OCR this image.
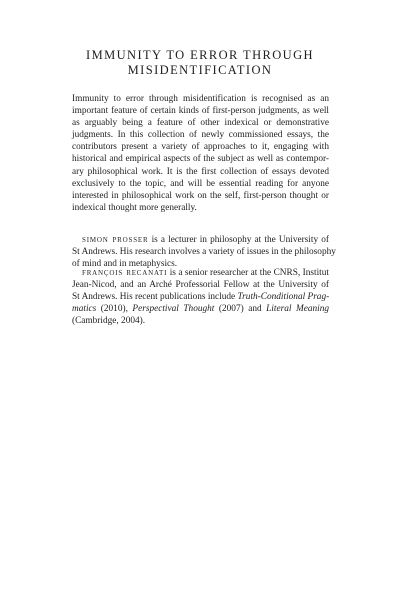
IMMUNITY TO ERROR THROUGH
MISIDENTIFICATION
Immunity to error through misidentification is recognised as an
important feature of certain kinds of first-person judgments, as well
as arguably being a feature of other indexical or demonstrative
judgments. In this collection of newly commissioned essays, the
contributors present a variety of approaches to it, engaging with
historical and empirical aspects of the subject as well as contempor-
ary philosophical work. It is the first collection of essays devoted
exclusively to the topic, and will be essential reading for anyone
interested in philosophical work on the self, first-person thought or
indexical thought more generally.
simon prosser is a lecturer in philosophy at the University of
St Andrews. His research involves a variety of issues in the philosophy
of mind and in metaphysics.
françois recanati is a senior researcher at the CNRS, Institut
Jean-Nicod, and an Arché Professorial Fellow at the University of
St Andrews. His recent publications include Truth-Conditional Prag-
matics (2010), Perspectival Thought (2007) and Literal Meaning
(Cambridge, 2004).
